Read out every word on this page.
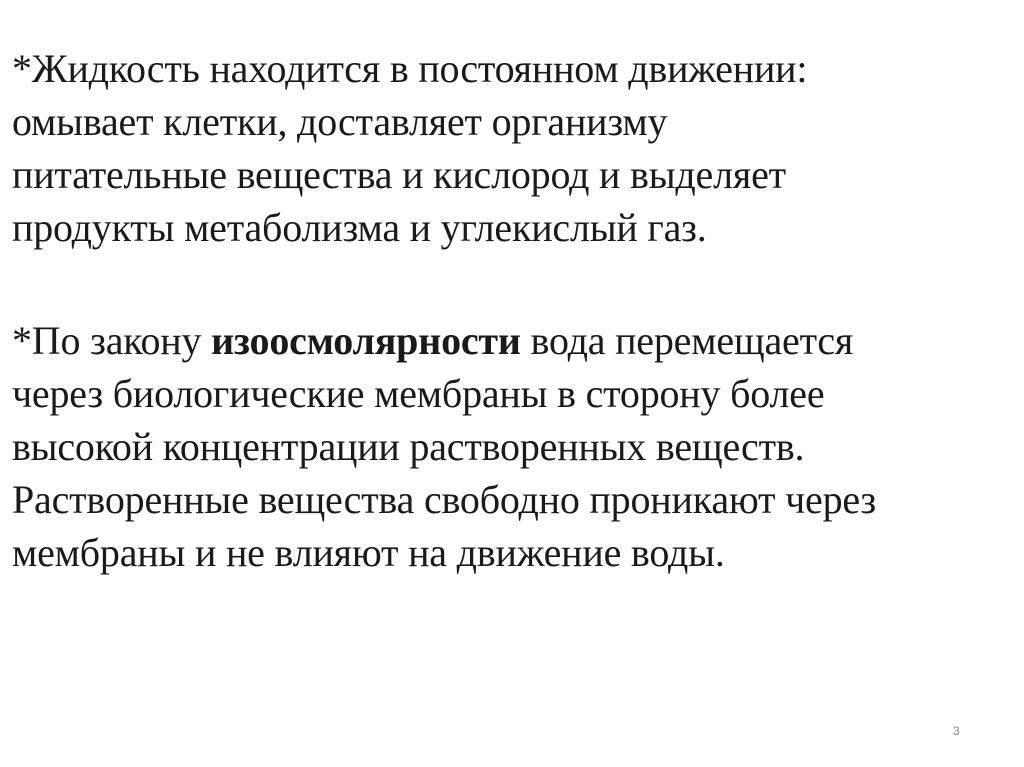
*Жидкость находится в постоянном движении:
омывает клетки, доставляет организму
питательные вещества и кислород и выделяет
продукты метаболизма и углекислый газ.

*По закону изоосмолярности вода перемещается
через биологические мембраны в сторону более
высокой концентрации растворенных веществ.
Растворенные вещества свободно проникают через
мембраны и не влияют на движение воды.

3
